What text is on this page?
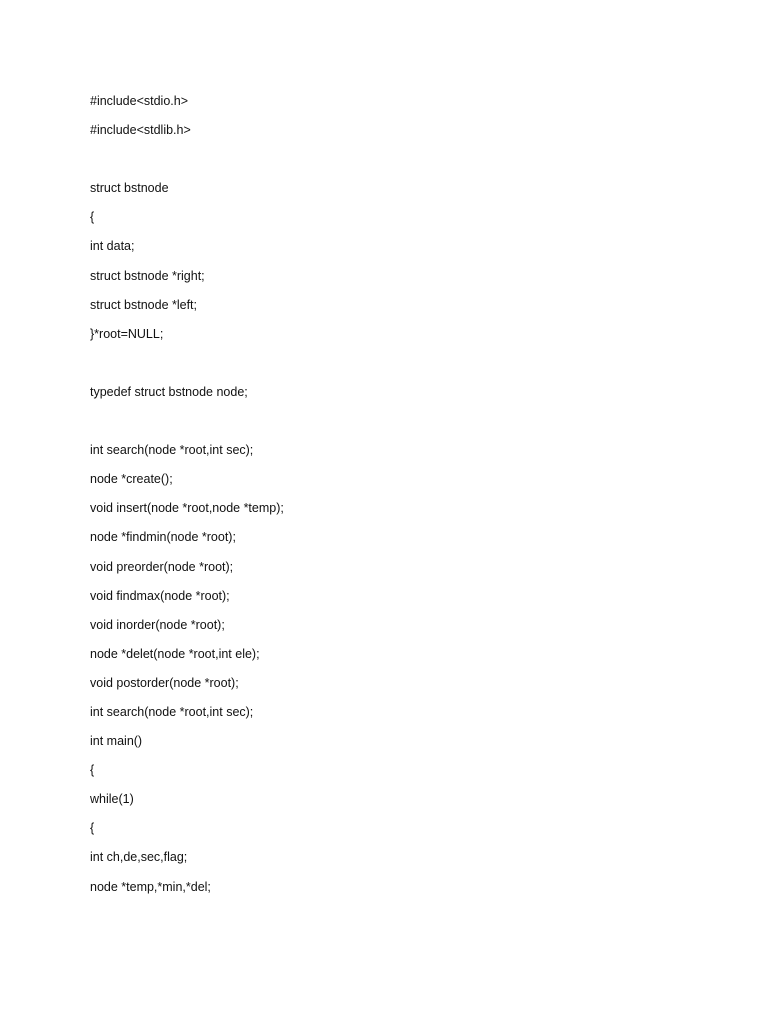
#include<stdio.h>
#include<stdlib.h>
struct bstnode
{
int data;
struct bstnode *right;
struct bstnode *left;
}*root=NULL;
typedef struct bstnode node;
int search(node *root,int sec);
node *create();
void insert(node *root,node *temp);
node *findmin(node *root);
void preorder(node *root);
void findmax(node *root);
void inorder(node *root);
node *delet(node *root,int ele);
void postorder(node *root);
int search(node *root,int sec);
int main()
{
while(1)
{
int ch,de,sec,flag;
node *temp,*min,*del;
